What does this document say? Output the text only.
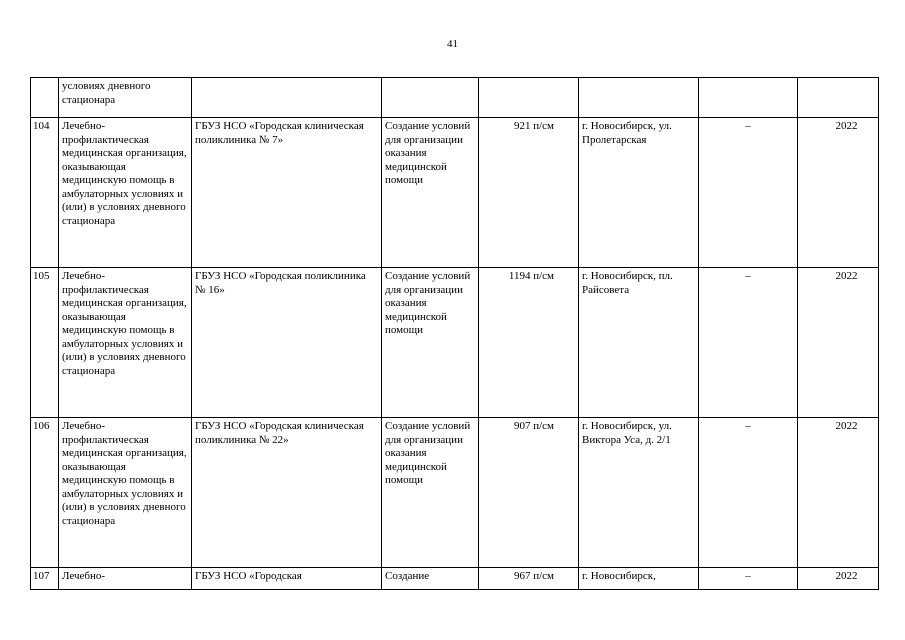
41
	условиях дневного стационара						
104	Лечебно-профилактическая медицинская организация, оказывающая медицинскую помощь в амбулаторных условиях и (или) в условиях дневного стационара	ГБУЗ НСО «Городская клиническая поликлиника № 7»	Создание условий для организации оказания медицинской помощи	921 п/см	г. Новосибирск, ул. Пролетарская	–	2022
105	Лечебно-профилактическая медицинская организация, оказывающая медицинскую помощь в амбулаторных условиях и (или) в условиях дневного стационара	ГБУЗ НСО «Городская поликлиника № 16»	Создание условий для организации оказания медицинской помощи	1194 п/см	г. Новосибирск, пл. Райсовета	–	2022
106	Лечебно-профилактическая медицинская организация, оказывающая медицинскую помощь в амбулаторных условиях и (или) в условиях дневного стационара	ГБУЗ НСО «Городская клиническая поликлиника № 22»	Создание условий для организации оказания медицинской помощи	907 п/см	г. Новосибирск, ул. Виктора Уса, д. 2/1	–	2022
107	Лечебно-	ГБУЗ НСО «Городская	Создание	967 п/см	г. Новосибирск,	–	2022
